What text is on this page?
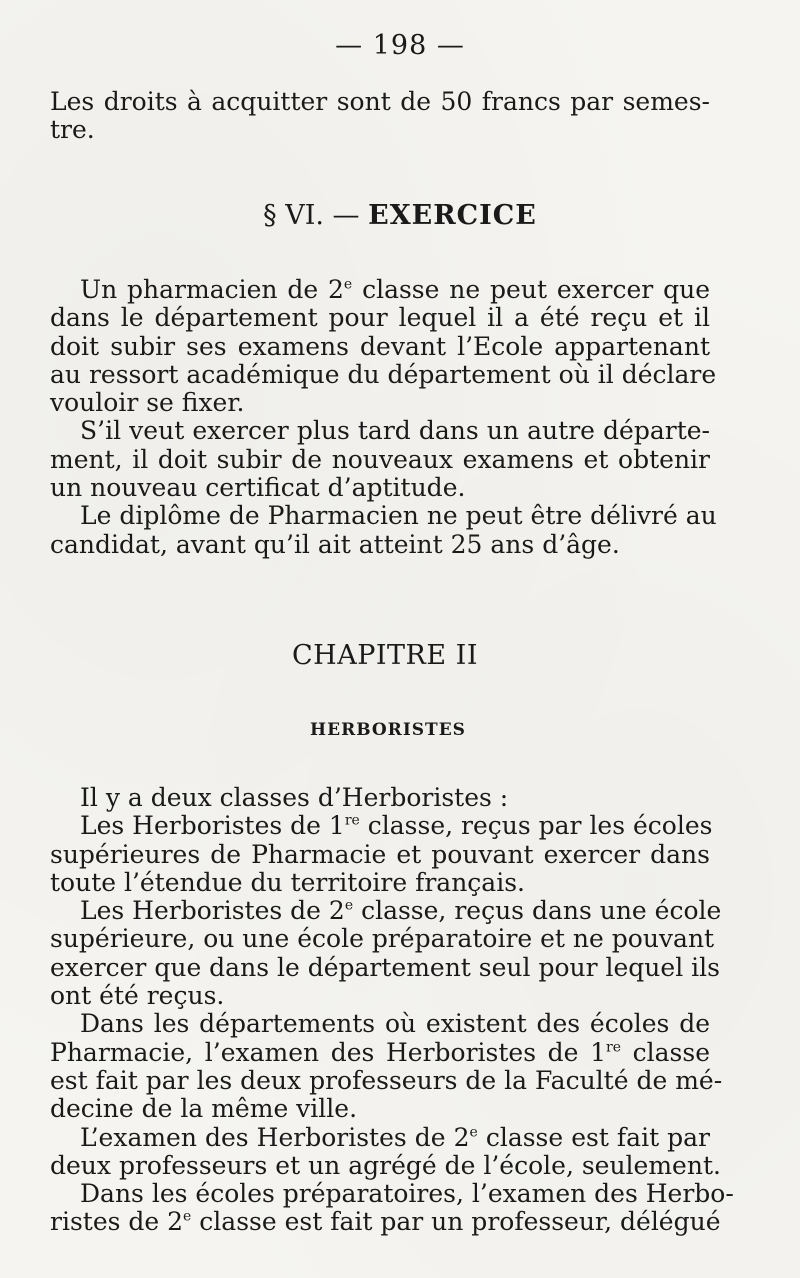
— 198 —
Les droits à acquitter sont de 50 francs par semes-
tre.
§ VI. — EXERCICE
Un pharmacien de 2e classe ne peut exercer que
dans le département pour lequel il a été reçu et il
doit subir ses examens devant l’Ecole appartenant
au ressort académique du département où il déclare
vouloir se fixer.
S’il veut exercer plus tard dans un autre départe-
ment, il doit subir de nouveaux examens et obtenir
un nouveau certificat d’aptitude.
Le diplôme de Pharmacien ne peut être délivré au
candidat, avant qu’il ait atteint 25 ans d’âge.
CHAPITRE II
HERBORISTES
Il y a deux classes d’Herboristes :
Les Herboristes de 1re classe, reçus par les écoles
supérieures de Pharmacie et pouvant exercer dans
toute l’étendue du territoire français.
Les Herboristes de 2e classe, reçus dans une école
supérieure, ou une école préparatoire et ne pouvant
exercer que dans le département seul pour lequel ils
ont été reçus.
Dans les départements où existent des écoles de
Pharmacie, l’examen des Herboristes de 1re classe
est fait par les deux professeurs de la Faculté de mé-
decine de la même ville.
L’examen des Herboristes de 2e classe est fait par
deux professeurs et un agrégé de l’école, seulement.
Dans les écoles préparatoires, l’examen des Herbo-
ristes de 2e classe est fait par un professeur, délégué
